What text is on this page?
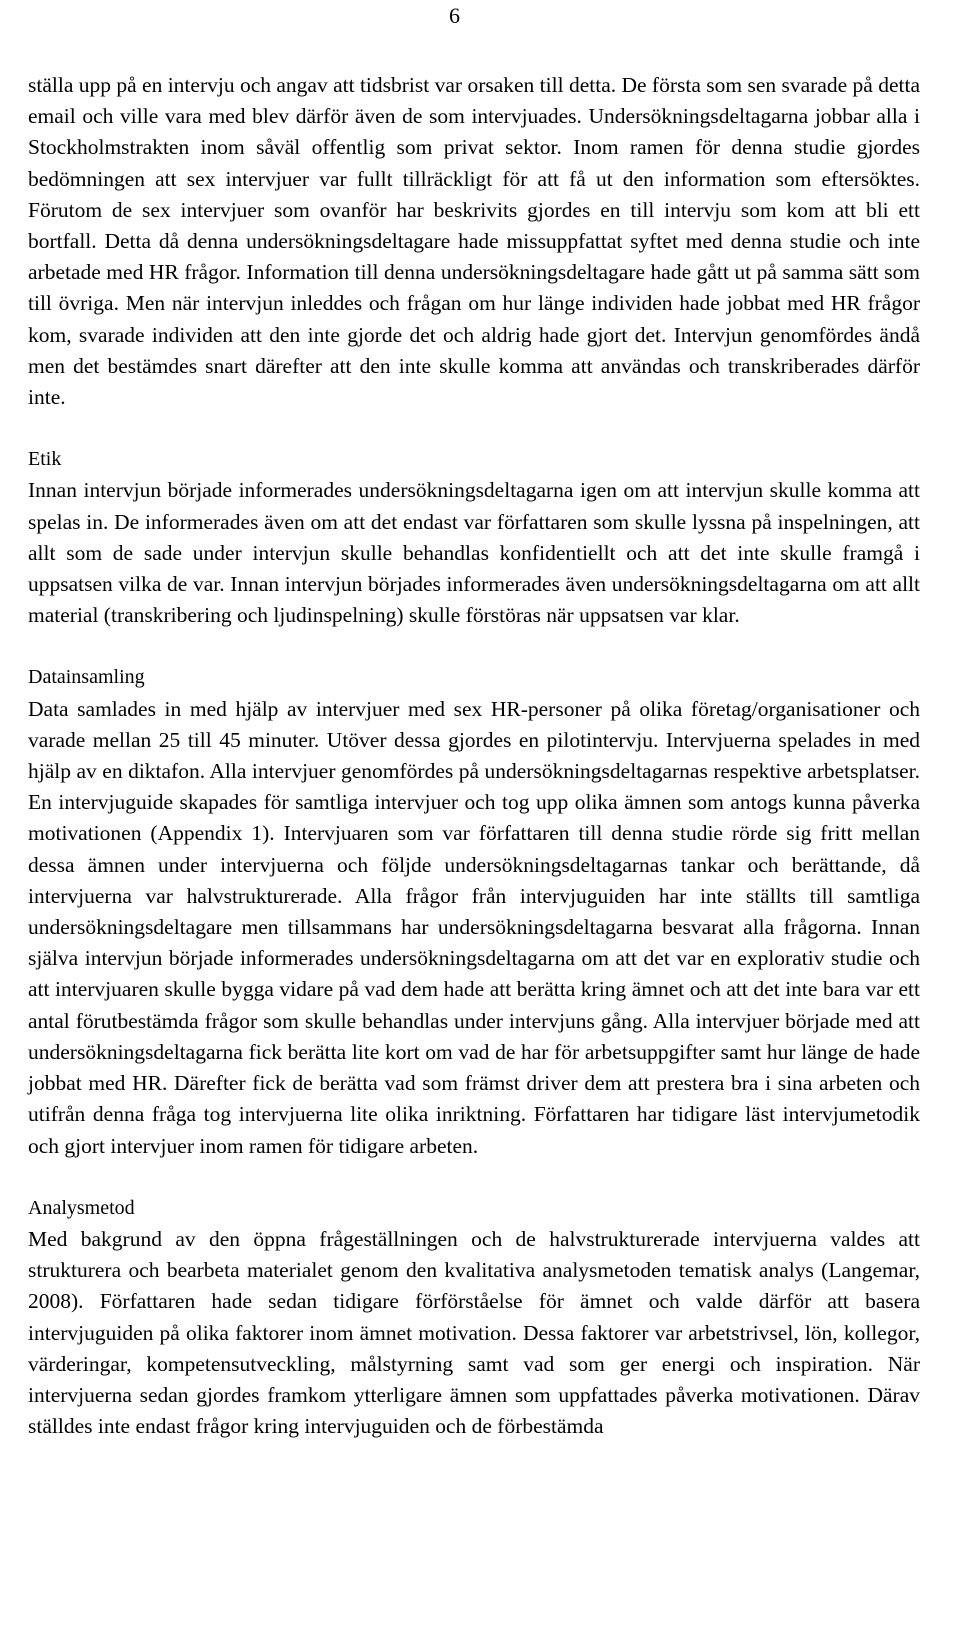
6

ställa upp på en intervju och angav att tidsbrist var orsaken till detta. De första som sen svarade på detta email och ville vara med blev därför även de som intervjuades. Undersökningsdeltagarna jobbar alla i Stockholmstrakten inom såväl offentlig som privat sektor. Inom ramen för denna studie gjordes bedömningen att sex intervjuer var fullt tillräckligt för att få ut den information som eftersöktes. Förutom de sex intervjuer som ovanför har beskrivits gjordes en till intervju som kom att bli ett bortfall. Detta då denna undersökningsdeltagare hade missuppfattat syftet med denna studie och inte arbetade med HR frågor. Information till denna undersökningsdeltagare hade gått ut på samma sätt som till övriga. Men när intervjun inleddes och frågan om hur länge individen hade jobbat med HR frågor kom, svarade individen att den inte gjorde det och aldrig hade gjort det. Intervjun genomfördes ändå men det bestämdes snart därefter att den inte skulle komma att användas och transkriberades därför inte.

Etik

Innan intervjun började informerades undersökningsdeltagarna igen om att intervjun skulle komma att spelas in. De informerades även om att det endast var författaren som skulle lyssna på inspelningen, att allt som de sade under intervjun skulle behandlas konfidentiellt och att det inte skulle framgå i uppsatsen vilka de var. Innan intervjun börjades informerades även undersökningsdeltagarna om att allt material (transkribering och ljudinspelning) skulle förstöras när uppsatsen var klar.

Datainsamling

Data samlades in med hjälp av intervjuer med sex HR-personer på olika företag/organisationer och varade mellan 25 till 45 minuter. Utöver dessa gjordes en pilotintervju. Intervjuerna spelades in med hjälp av en diktafon. Alla intervjuer genomfördes på undersökningsdeltagarnas respektive arbetsplatser. En intervjuguide skapades för samtliga intervjuer och tog upp olika ämnen som antogs kunna påverka motivationen (Appendix 1). Intervjuaren som var författaren till denna studie rörde sig fritt mellan dessa ämnen under intervjuerna och följde undersökningsdeltagarnas tankar och berättande, då intervjuerna var halvstrukturerade. Alla frågor från intervjuguiden har inte ställts till samtliga undersökningsdeltagare men tillsammans har undersökningsdeltagarna besvarat alla frågorna. Innan själva intervjun började informerades undersökningsdeltagarna om att det var en explorativ studie och att intervjuaren skulle bygga vidare på vad dem hade att berätta kring ämnet och att det inte bara var ett antal förutbestämda frågor som skulle behandlas under intervjuns gång. Alla intervjuer började med att undersökningsdeltagarna fick berätta lite kort om vad de har för arbetsuppgifter samt hur länge de hade jobbat med HR. Därefter fick de berätta vad som främst driver dem att prestera bra i sina arbeten och utifrån denna fråga tog intervjuerna lite olika inriktning. Författaren har tidigare läst intervjumetodik och gjort intervjuer inom ramen för tidigare arbeten.

Analysmetod

Med bakgrund av den öppna frågeställningen och de halvstrukturerade intervjuerna valdes att strukturera och bearbeta materialet genom den kvalitativa analysmetoden tematisk analys (Langemar, 2008). Författaren hade sedan tidigare förförståelse för ämnet och valde därför att basera intervjuguiden på olika faktorer inom ämnet motivation. Dessa faktorer var arbetstrivsel, lön, kollegor, värderingar, kompetensutveckling, målstyrning samt vad som ger energi och inspiration. När intervjuerna sedan gjordes framkom ytterligare ämnen som uppfattades påverka motivationen. Därav ställdes inte endast frågor kring intervjuguiden och de förbestämda
